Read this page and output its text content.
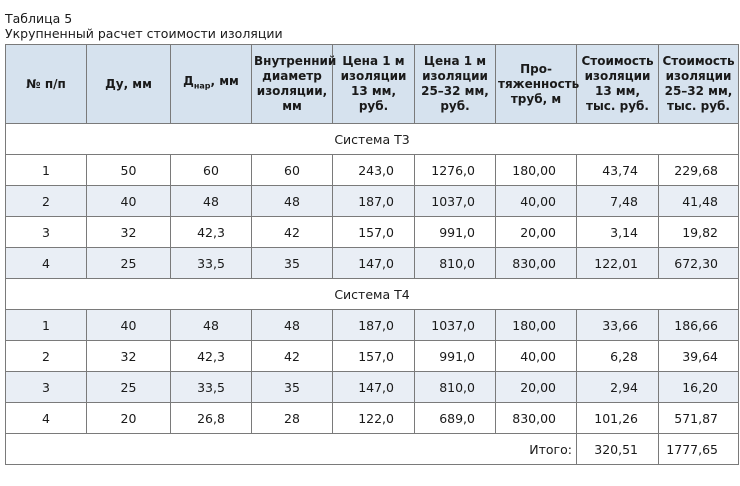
Таблица 5
Укрупненный расчет стоимости изоляции
№ п/п	Ду, мм	$Д_{нар}$, мм	Внутренний диаметр изоляции, мм	Цена 1 м изоляции 13 мм, руб.	Цена 1 м изоляции 25–32 мм, руб.	Про- тяженность труб, м	Стоимость изоляции 13 мм, тыс. руб.	Стоимость изоляции 25–32 мм, тыс. руб.
Система Т3								
1	50	60	60	243,0	1276,0	180,00	43,74	229,68
2	40	48	48	187,0	1037,0	40,00	7,48	41,48
3	32	42,3	42	157,0	991,0	20,00	3,14	19,82
4	25	33,5	35	147,0	810,0	830,00	122,01	672,30
Система Т4								
1	40	48	48	187,0	1037,0	180,00	33,66	186,66
2	32	42,3	42	157,0	991,0	40,00	6,28	39,64
3	25	33,5	35	147,0	810,0	20,00	2,94	16,20
4	20	26,8	28	122,0	689,0	830,00	101,26	571,87
Итого:							320,51	1777,65
